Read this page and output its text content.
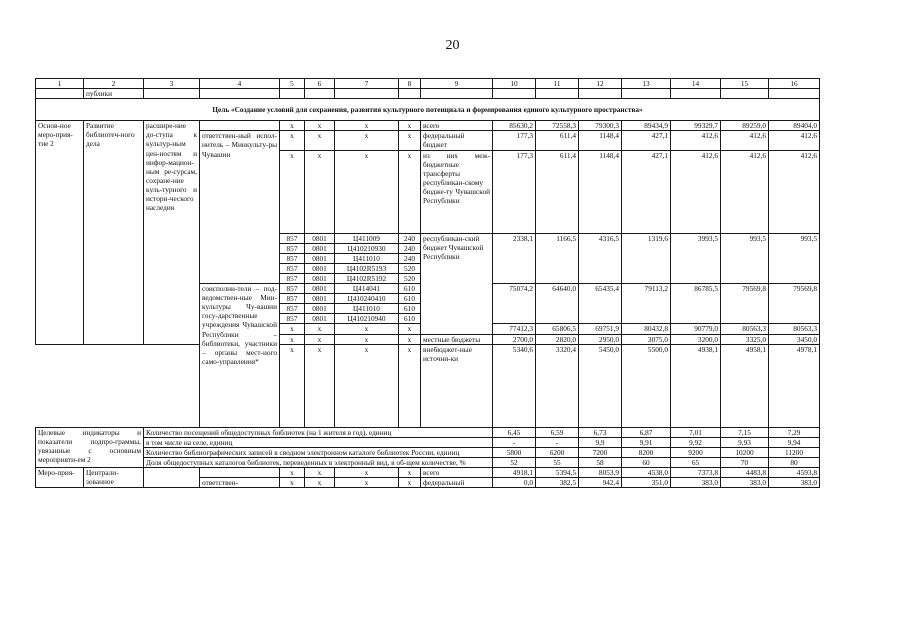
20
1	2	3	4	5	6	7	8	9	10	11	12	13	14	15	16
	публики														
Цель «Создание условий для сохранения, развития культурного потенциала и формирования единого культурного пространства»															
Основ-ное меро-прия-тие 2	Развитие библиотеч-ного дела	расшире-ние до-ступа к культур-ным цен-ностям и инфор-мацион-ным ре-сурсам, сохране-ние куль-турного и истори-ческого наследия		х	х	х	х	всего	85630,2	72558,3	79300,3	89434,9	99329,7	89259,0	89404,0
			ответствен-ный испол-нитель – Минкульту-ры Чувашии	х	х	х	х	федеральный бюджет	177,3	611,4	1148,4	427,1	412,6	412,6	412,6
				х	х	х	х	из них меж-бюджетные трансферты республикан-скому бюдже-ту Чувашской Республики	177,3	611,4	1148,4	427,1	412,6	412,6	412,6
				857	0801	Ц411009	240	республикан-ский бюджет Чувашской Республики	2338,1	1166,5	4316,5	1319,6	3993,5	993,5	993,5
				857	0801	Ц410210930	240								
				857	0801	Ц411010	240								
				857	0801	Ц4102R5193	520								
				857	0801	Ц4102R5192	520								
			соисполни-тели – под-ведомствен-ные Мин-культуры Чу-вашии госу-дарственные учреждения Чувашской Республики – библиотеки, участники – органы мест-ного само-управления*	857	0801	Ц414041	610		75074,2	64640,0	65435,4	79113,2	86785,5	79569,8	79569,8
				857	0801	Ц410240410	610								
				857	0801	Ц411010	610								
				857	0801	Ц410210940	610								
				х	х	х	х		77412,3	65806,5	69751,9	80432,8	90779,0	80563,3	80563,3
				х	х	х	х	местные бюджеты	2700,0	2820,0	2950,0	3075,0	3200,0	3325,0	3450,0
				х	х	х	х	внебюджет-ные источни-ки	5340,6	3320,4	5450,0	5500,0	4938,1	4958,1	4978,1

Целевые индикаторы и показатели подпро-граммы, увязанные с основным мероприяти-ем 2		Количество посещений общедоступных библиотек (на 1 жителя в год), единиц							6,45	6,59	6,73	6,87	7,01	7,15	7,29
		в том числе на селе, единиц							-	-	9,9	9,91	9,92	9,93	9,94
		Количество библиографических записей в сводном электронном каталоге библиотек России, единиц							5800	6200	7200	8200	9200	10200	11200
		Доля общедоступных каталогов библиотек, переведенных в электронный вид, в об-щем количестве, %							52	55	58	60	65	70	80
Меро-прия-	Централи-зованное			х	х	х	х	всего	4918,1	5394,5	8053,9	4538,0	7373,8	4483,8	4593,8
			ответствен-	х	х	х	х	федеральный	0,0	382,5	942,4	351,0	383,0	383,0	383,0
